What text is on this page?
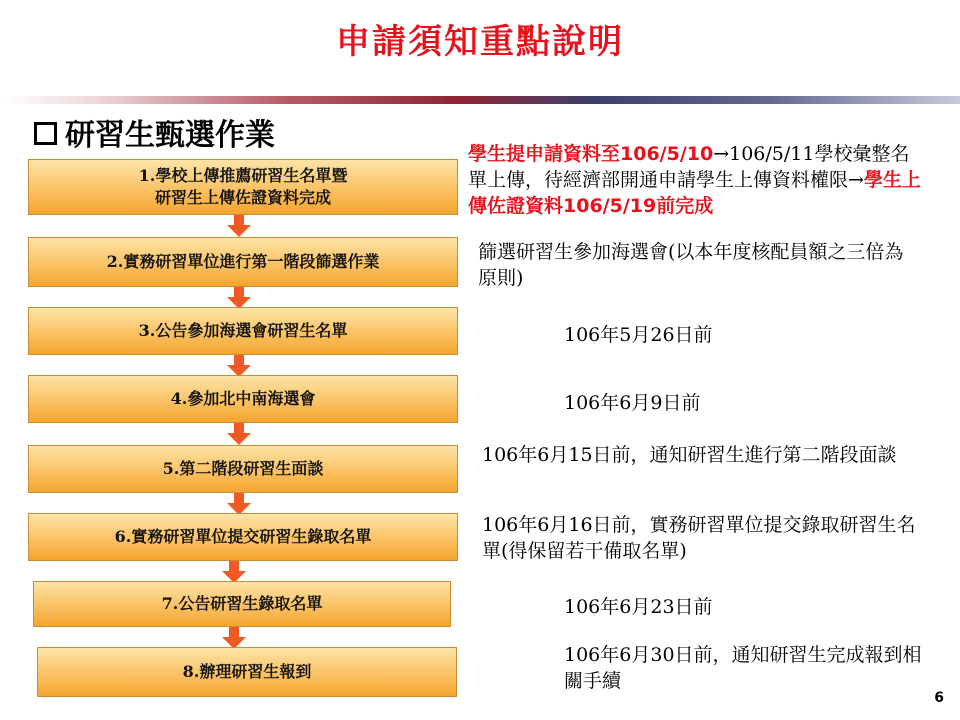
申請須知重點說明
研習生甄選作業
1.學校上傳推薦研習生名單暨
研習生上傳佐證資料完成
2.實務研習單位進行第一階段篩選作業
3.公告參加海選會研習生名單
4.參加北中南海選會
5.第二階段研習生面談
6.實務研習單位提交研習生錄取名單
7.公告研習生錄取名單
8.辦理研習生報到
學生提申請資料至106/5/10→106/5/11學校彙整名單上傳，待經濟部開通申請學生上傳資料權限→學生上傳佐證資料106/5/19前完成
篩選研習生參加海選會(以本年度核配員額之三倍為原則)
106年5月26日前
106年6月9日前
106年6月15日前，通知研習生進行第二階段面談
106年6月16日前，實務研習單位提交錄取研習生名單(得保留若干備取名單)
106年6月23日前
106年6月30日前，通知研習生完成報到相關手續
6
